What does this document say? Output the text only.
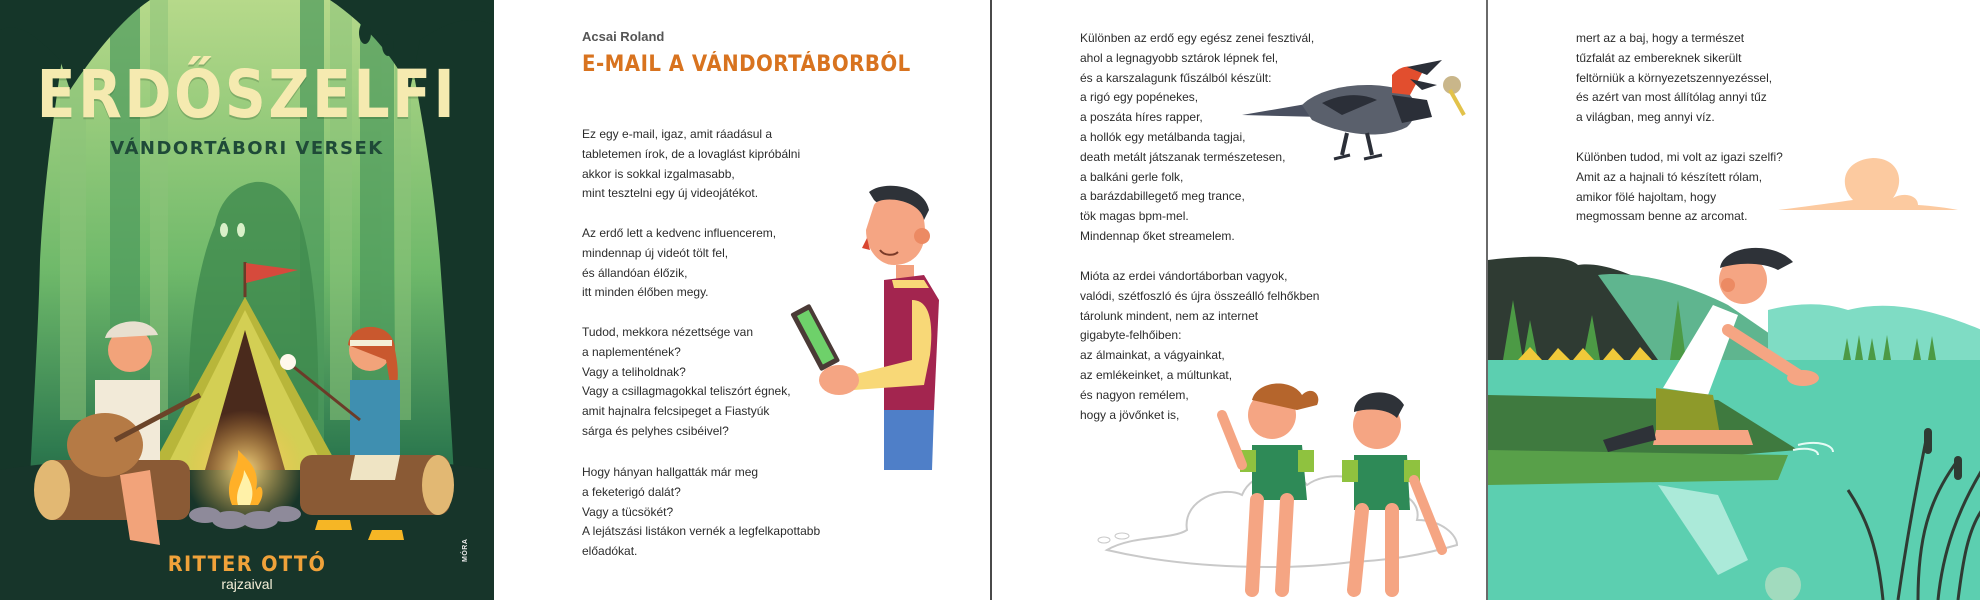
ERDŐSZELFI
VÁNDORTÁBORI VERSEK
RITTER OTTÓ
rajzaival
MÓRA
Acsai Roland
E-MAIL A VÁNDORTÁBORBÓL
Ez egy e-mail, igaz, amit ráadásul a
tabletemen írok, de a lovaglást kipróbálni
akkor is sokkal izgalmasabb,
mint tesztelni egy új videojátékot.
Az erdő lett a kedvenc influencerem,
mindennap új videót tölt fel,
és állandóan élőzik,
itt minden élőben megy.
Tudod, mekkora nézettsége van
a naplementének?
Vagy a teliholdnak?
Vagy a csillagmagokkal teliszórt égnek,
amit hajnalra felcsipeget a Fiastyúk
sárga és pelyhes csibéivel?
Hogy hányan hallgatták már meg
a feketerigó dalát?
Vagy a tücsökét?
A lejátszási listákon vernék a legfelkapottabb
előadókat.
Különben az erdő egy egész zenei fesztivál,
ahol a legnagyobb sztárok lépnek fel,
és a karszalagunk fűszálból készült:
a rigó egy popénekes,
a poszáta híres rapper,
a hollók egy metálbanda tagjai,
death metált játszanak természetesen,
a balkáni gerle folk,
a barázdabillegető meg trance,
tök magas bpm-mel.
Mindennap őket streamelem.
Mióta az erdei vándortáborban vagyok,
valódi, szétfoszló és újra összeálló felhőkben
tárolunk mindent, nem az internet
gigabyte-felhőiben:
az álmainkat, a vágyainkat,
az emlékeinket, a múltunkat,
és nagyon remélem,
hogy a jövőnket is,
mert az a baj, hogy a természet
tűzfalát az embereknek sikerült
feltörniük a környezetszennyezéssel,
és azért van most állítólag annyi tűz
a világban, meg annyi víz.
Különben tudod, mi volt az igazi szelfi?
Amit az a hajnali tó készített rólam,
amikor fölé hajoltam, hogy
megmossam benne az arcomat.
